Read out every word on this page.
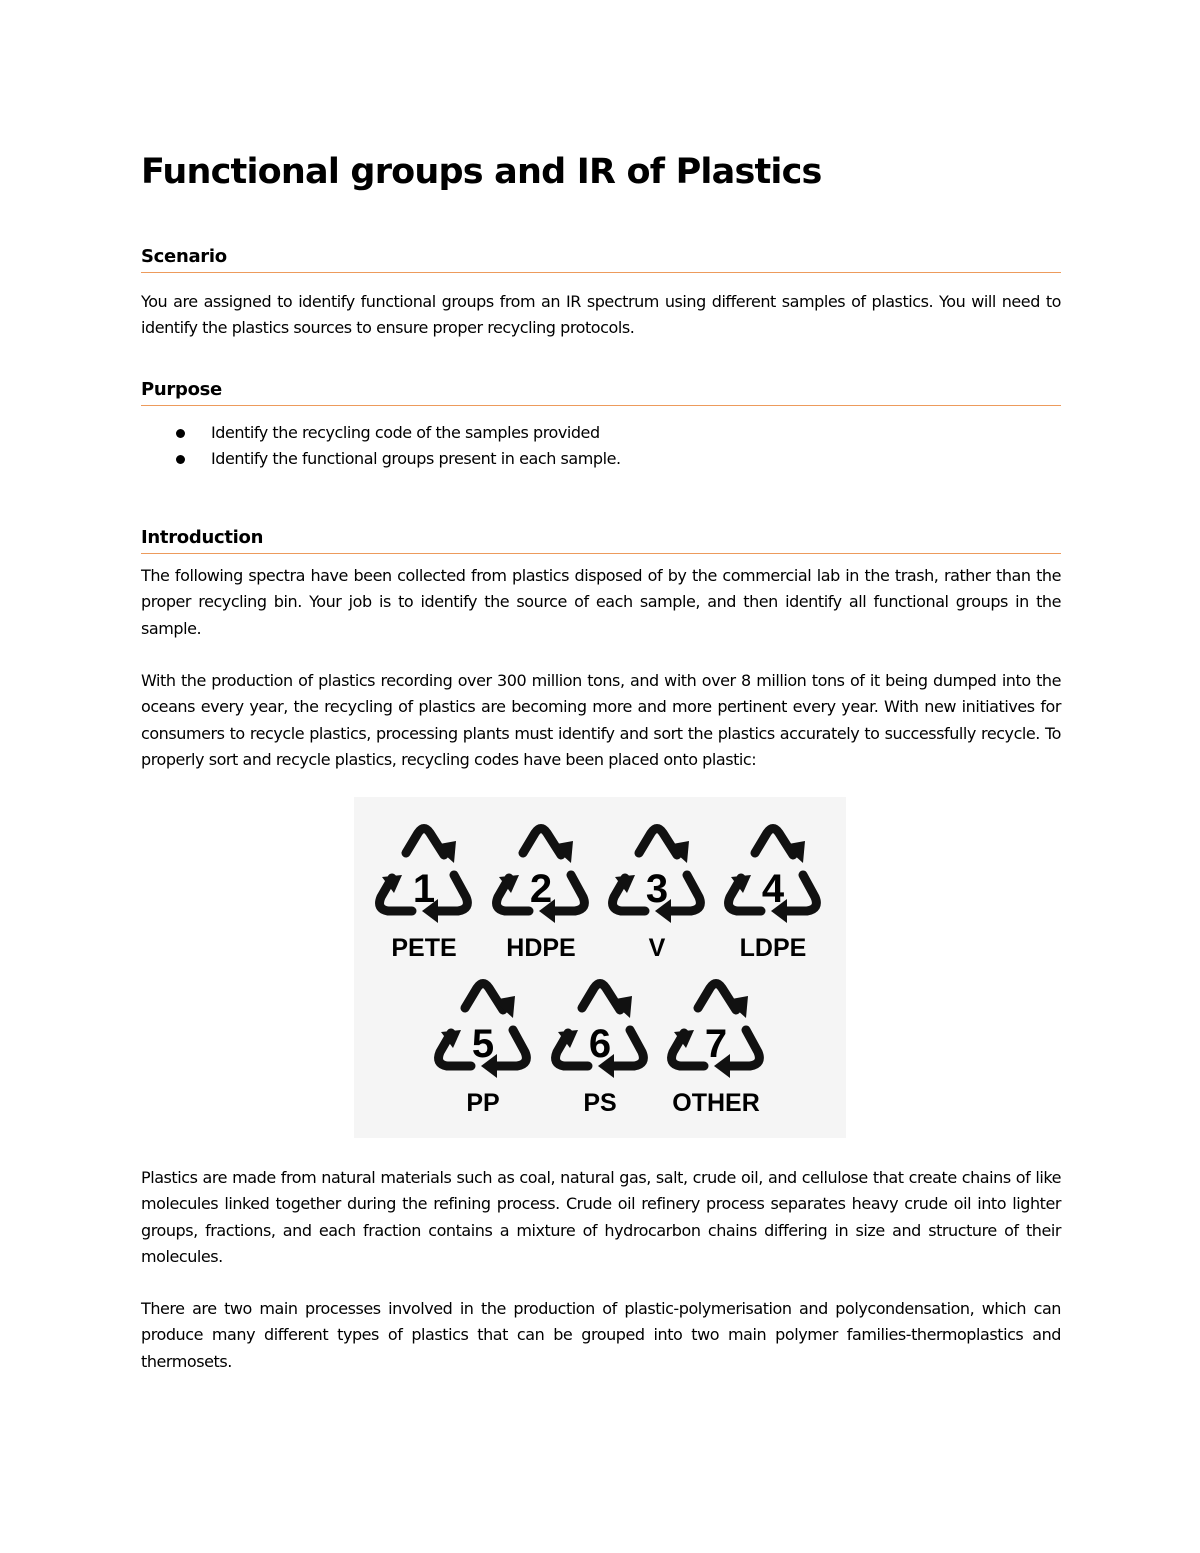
Functional groups and IR of Plastics
Scenario

You are assigned to identify functional groups from an IR spectrum using different samples of plastics. You will need to identify the plastics sources to ensure proper recycling protocols.

Purpose
Identify the recycling code of the samples provided
Identify the functional groups present in each sample.
Introduction

The following spectra have been collected from plastics disposed of by the commercial lab in the trash, rather than the proper recycling bin. Your job is to identify the source of each sample, and then identify all functional groups in the sample.

With the production of plastics recording over 300 million tons, and with over 8 million tons of it being dumped into the oceans every year, the recycling of plastics are becoming more and more pertinent every year. With new initiatives for consumers to recycle plastics, processing plants must identify and sort the plastics accurately to successfully recycle. To properly sort and recycle plastics, recycling codes have been placed onto plastic:

Plastics are made from natural materials such as coal, natural gas, salt, crude oil, and cellulose that create chains of like molecules linked together during the refining process. Crude oil refinery process separates heavy crude oil into lighter groups, fractions, and each fraction contains a mixture of hydrocarbon chains differing in size and structure of their molecules.

There are two main processes involved in the production of plastic-polymerisation and polycondensation, which can produce many different types of plastics that can be grouped into two main polymer families-thermoplastics and thermosets.

1
PETE
2
HDPE
3
V
4
LDPE
5
PP
6
PS
7
OTHER
